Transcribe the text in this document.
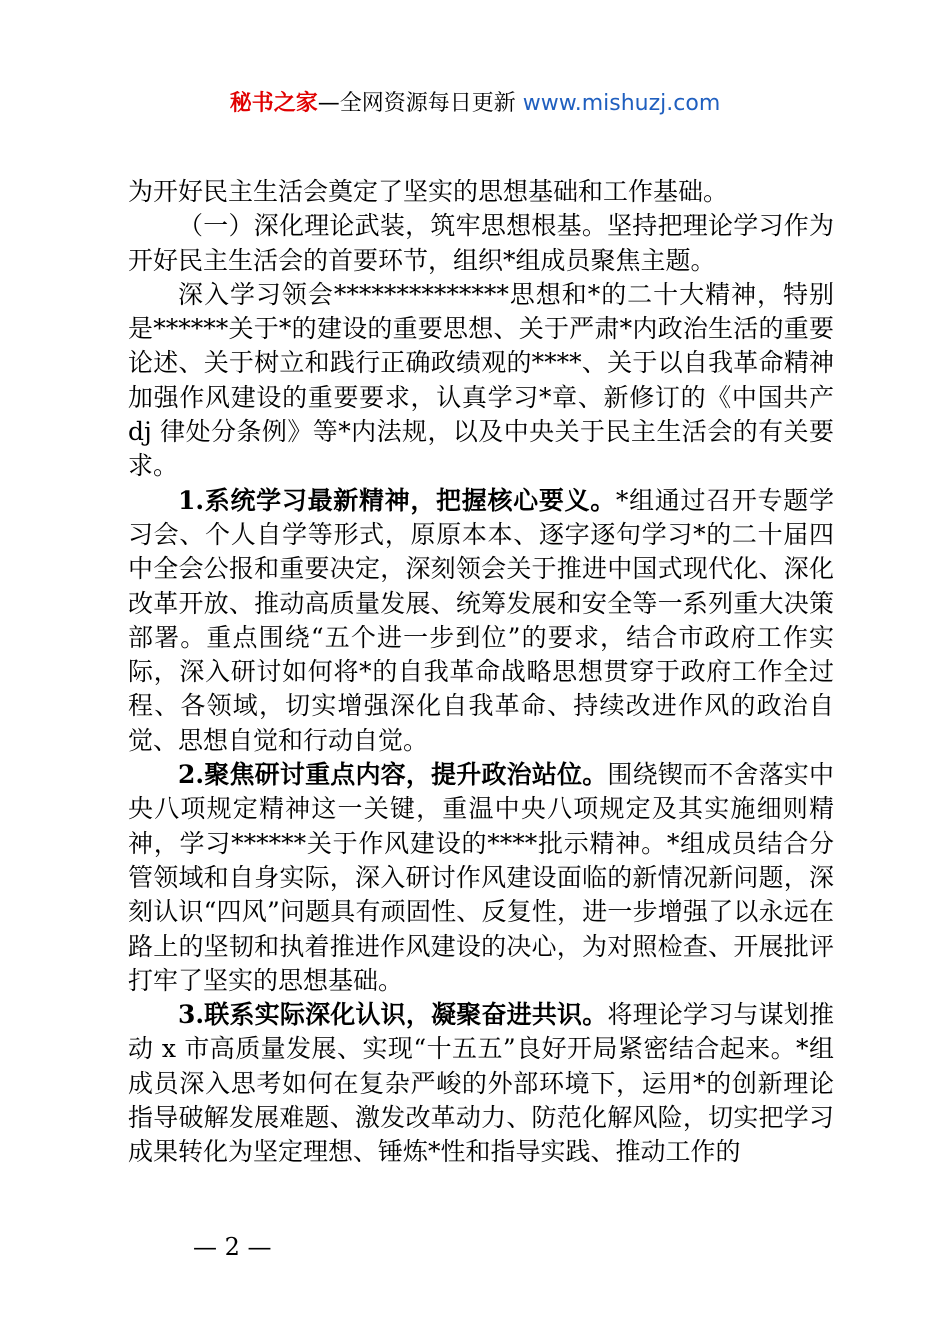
秘书之家—全网资源每日更新 www.mishuzj.com

为开好民主生活会奠定了坚实的思想基础和工作基础。

（一）深化理论武装，筑牢思想根基。坚持把理论学习作为开好民主生活会的首要环节，组织*组成员聚焦主题。

深入学习领会**************思想和*的二十大精神，特别是******关于*的建设的重要思想、关于严肃*内政治生活的重要论述、关于树立和践行正确政绩观的****、关于以自我革命精神加强作风建设的重要要求，认真学习*章、新修订的《中国共产 dj 律处分条例》等*内法规，以及中央关于民主生活会的有关要求。

1.系统学习最新精神，把握核心要义。*组通过召开专题学习会、个人自学等形式，原原本本、逐字逐句学习*的二十届四中全会公报和重要决定，深刻领会关于推进中国式现代化、深化改革开放、推动高质量发展、统筹发展和安全等一系列重大决策部署。重点围绕“五个进一步到位”的要求，结合市政府工作实际，深入研讨如何将*的自我革命战略思想贯穿于政府工作全过程、各领域，切实增强深化自我革命、持续改进作风的政治自觉、思想自觉和行动自觉。

2.聚焦研讨重点内容，提升政治站位。围绕锲而不舍落实中央八项规定精神这一关键，重温中央八项规定及其实施细则精神，学习******关于作风建设的****批示精神。*组成员结合分管领域和自身实际，深入研讨作风建设面临的新情况新问题，深刻认识“四风”问题具有顽固性、反复性，进一步增强了以永远在路上的坚韧和执着推进作风建设的决心，为对照检查、开展批评打牢了坚实的思想基础。

3.联系实际深化认识，凝聚奋进共识。将理论学习与谋划推动 x 市高质量发展、实现“十五五”良好开局紧密结合起来。*组成员深入思考如何在复杂严峻的外部环境下，运用*的创新理论指导破解发展难题、激发改革动力、防范化解风险，切实把学习成果转化为坚定理想、锤炼*性和指导实践、推动工作的

— 2 —
